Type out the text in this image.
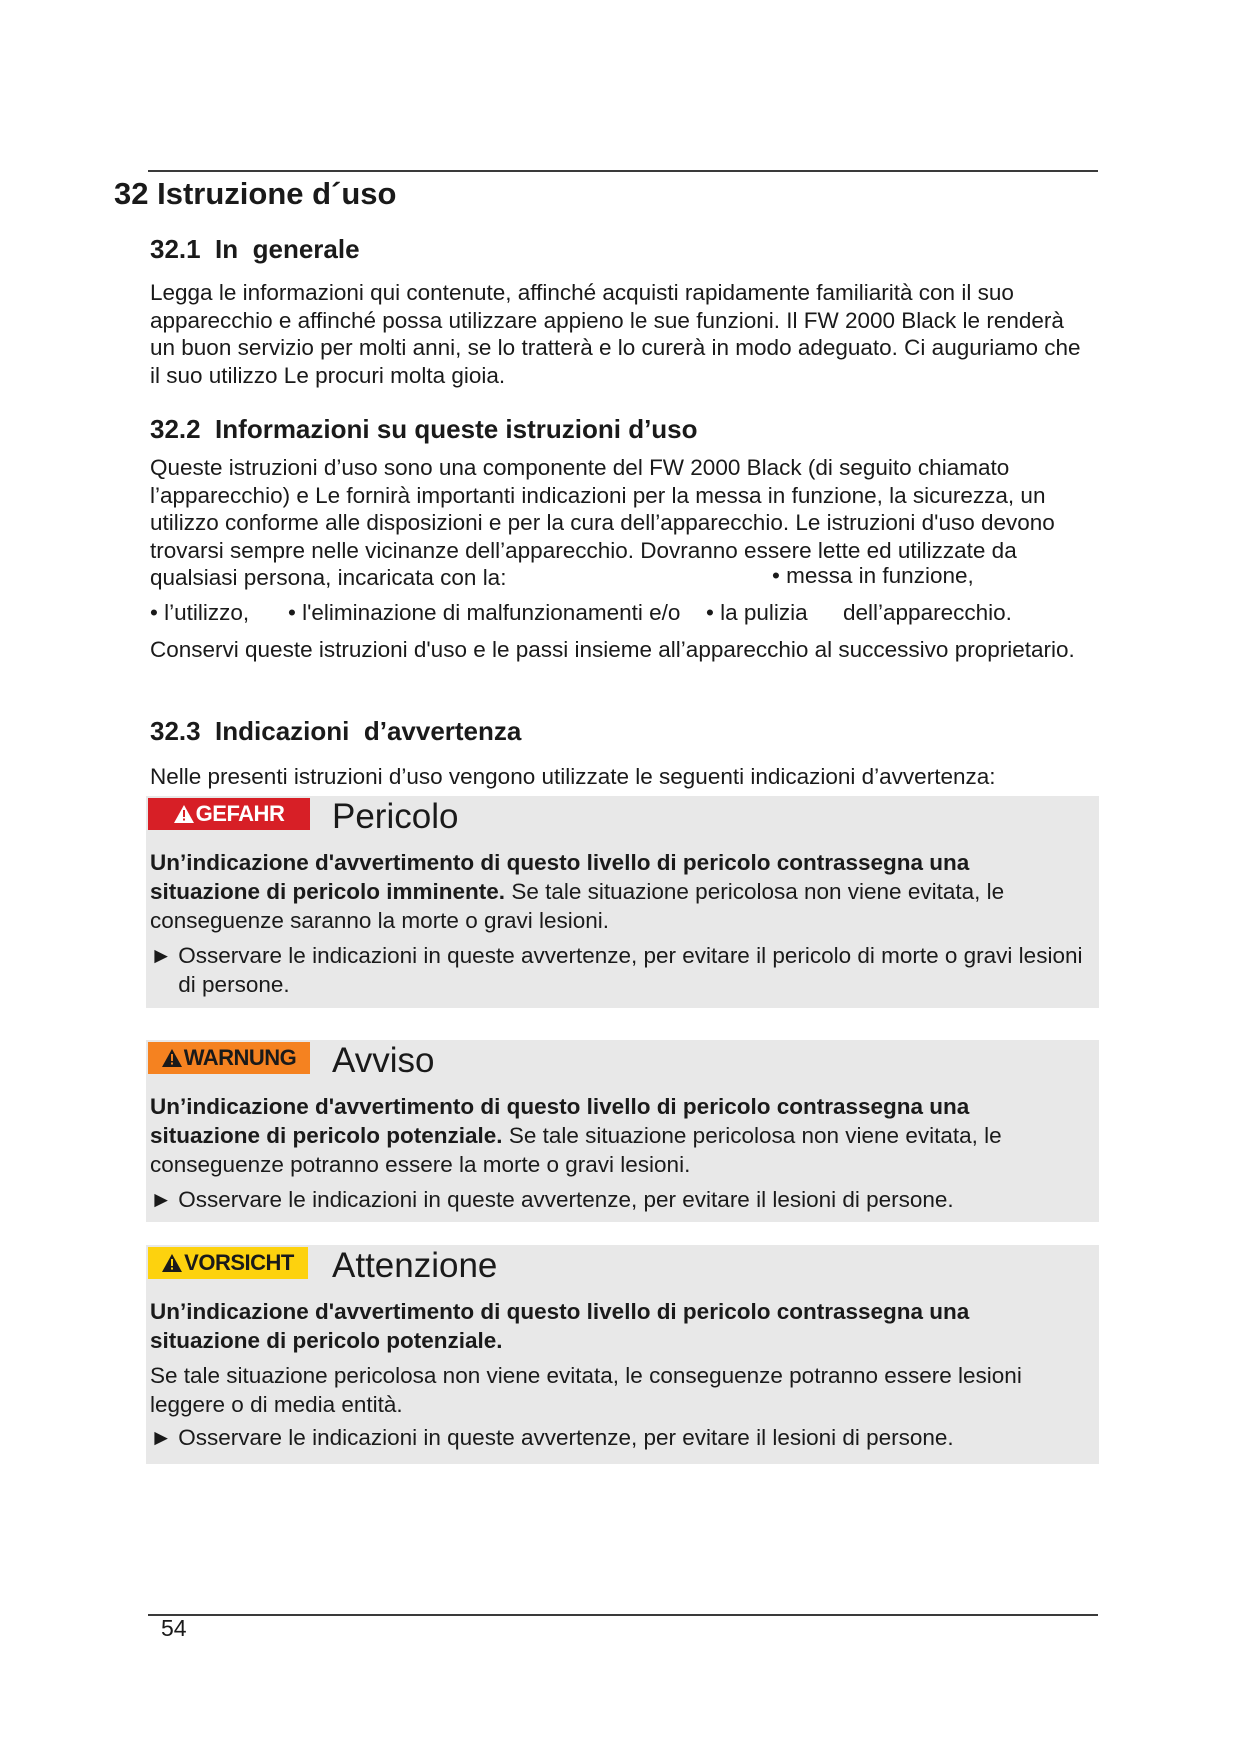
32 Istruzione d´uso
32.1  In  generale

Legga le informazioni qui contenute, affinché acquisti rapidamente familiarità con il suo apparecchio e affinché possa utilizzare appieno le sue funzioni. Il FW 2000 Black le renderà un buon servizio per molti anni, se lo tratterà e lo curerà in modo adeguato. Ci auguriamo che il suo utilizzo Le procuri molta gioia.

32.2  Informazioni su queste istruzioni d’uso

Queste istruzioni d’uso sono una componente del FW 2000 Black (di seguito chiamato l’apparecchio) e Le fornirà importanti indicazioni per la messa in funzione, la sicurezza, un utilizzo conforme alle disposizioni e per la cura dell’apparecchio. Le istruzioni d'uso devono trovarsi sempre nelle vicinanze dell’apparecchio. Dovranno essere lette ed utilizzate da qualsiasi persona, incaricata con la:	• messa in funzione,
• l’utilizzo, • l'eliminazione di malfunzionamenti e/o • la pulizia dell’apparecchio.

Conservi queste istruzioni d'uso e le passi insieme all’apparecchio al successivo proprietario.

32.3  Indicazioni  d’avvertenza

Nelle presenti istruzioni d’uso vengono utilizzate le seguenti indicazioni d’avvertenza:

GEFAHR Pericolo

Un’indicazione d'avvertimento di questo livello di pericolo contrassegna una situazione di pericolo imminente. Se tale situazione pericolosa non viene evitata, le conseguenze saranno la morte o gravi lesioni.

► Osservare le indicazioni in queste avvertenze, per evitare il pericolo di morte o gravi lesioni di persone.
WARNUNG Avviso

Un’indicazione d'avvertimento di questo livello di pericolo contrassegna una situazione di pericolo potenziale. Se tale situazione pericolosa non viene evitata, le conseguenze potranno essere la morte o gravi lesioni.

► Osservare le indicazioni in queste avvertenze, per evitare il lesioni di persone.
VORSICHT Attenzione

Un’indicazione d'avvertimento di questo livello di pericolo contrassegna una situazione di pericolo potenziale.

Se tale situazione pericolosa non viene evitata, le conseguenze potranno essere lesioni leggere o di media entità.

► Osservare le indicazioni in queste avvertenze, per evitare il lesioni di persone.
54
